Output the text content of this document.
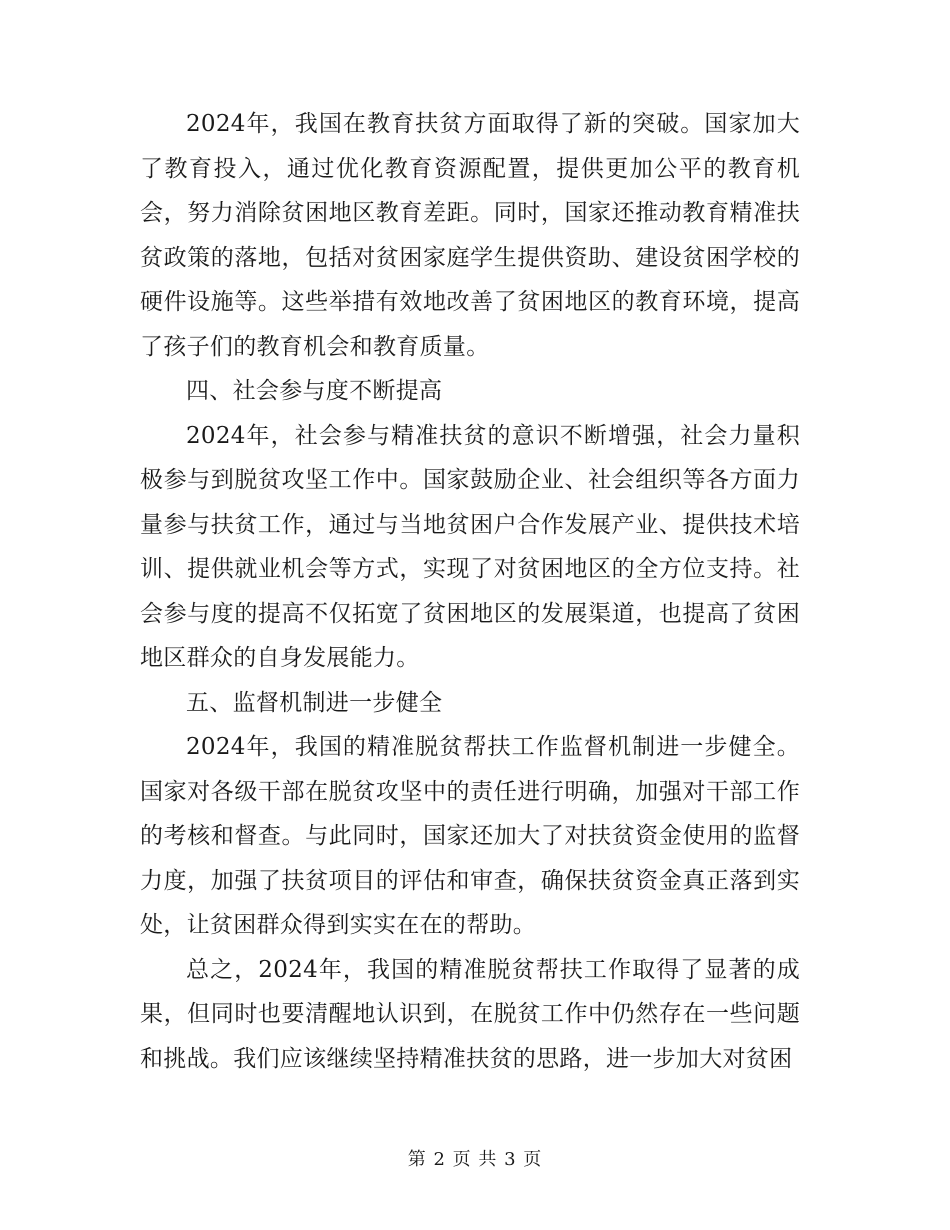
2024年，我国在教育扶贫方面取得了新的突破。国家加大了教育投入，通过优化教育资源配置，提供更加公平的教育机会，努力消除贫困地区教育差距。同时，国家还推动教育精准扶贫政策的落地，包括对贫困家庭学生提供资助、建设贫困学校的硬件设施等。这些举措有效地改善了贫困地区的教育环境，提高了孩子们的教育机会和教育质量。

四、社会参与度不断提高

2024年，社会参与精准扶贫的意识不断增强，社会力量积极参与到脱贫攻坚工作中。国家鼓励企业、社会组织等各方面力量参与扶贫工作，通过与当地贫困户合作发展产业、提供技术培训、提供就业机会等方式，实现了对贫困地区的全方位支持。社会参与度的提高不仅拓宽了贫困地区的发展渠道，也提高了贫困地区群众的自身发展能力。

五、监督机制进一步健全

2024年，我国的精准脱贫帮扶工作监督机制进一步健全。国家对各级干部在脱贫攻坚中的责任进行明确，加强对干部工作的考核和督查。与此同时，国家还加大了对扶贫资金使用的监督力度，加强了扶贫项目的评估和审查，确保扶贫资金真正落到实处，让贫困群众得到实实在在的帮助。

总之，2024年，我国的精准脱贫帮扶工作取得了显著的成果，但同时也要清醒地认识到，在脱贫工作中仍然存在一些问题和挑战。我们应该继续坚持精准扶贫的思路，进一步加大对贫困

第 2 页 共 3 页
